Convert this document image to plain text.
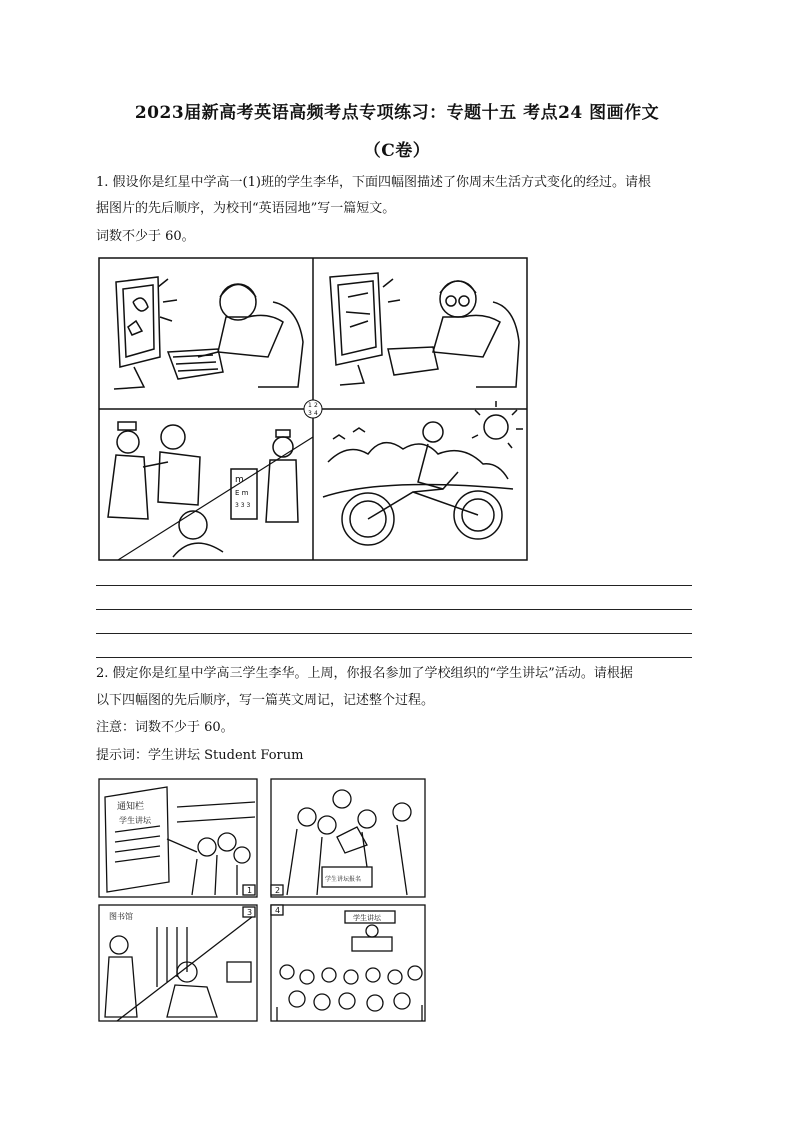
2023届新高考英语高频考点专项练习：专题十五 考点24 图画作文
（C卷）
1. 假设你是红星中学高一(1)班的学生李华，下面四幅图描述了你周末生活方式变化的经过。请根
据图片的先后顺序，为校刊“英语园地”写一篇短文。
词数不少于 60。
m
E m
3 3 3
1 2
3 4
2. 假定你是红星中学高三学生李华。上周，你报名参加了学校组织的“学生讲坛”活动。请根据
以下四幅图的先后顺序，写一篇英文周记，记述整个过程。
注意：词数不少于 60。
提示词：学生讲坛 Student Forum
通知栏
学生讲坛
1
学生讲坛报名
2
图书馆	3
学生讲坛
4
